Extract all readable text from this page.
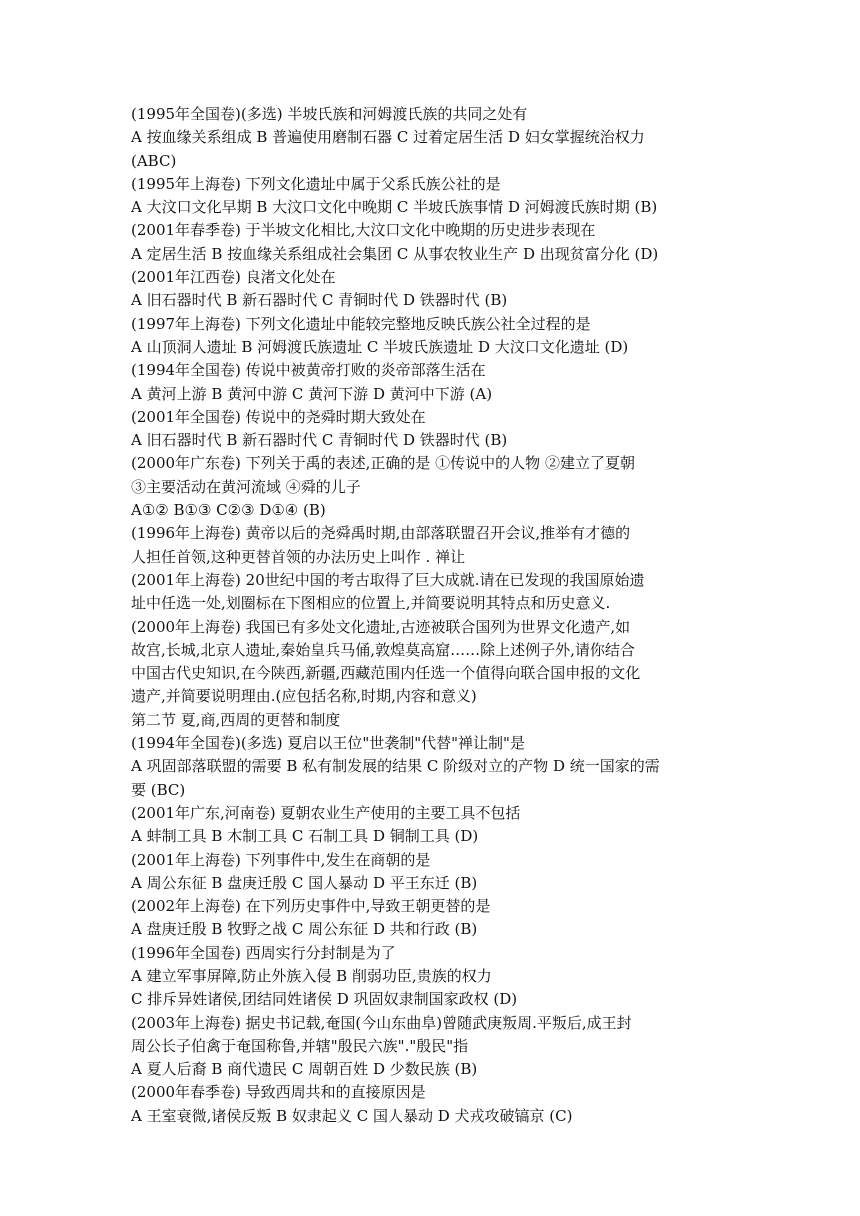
(1995年全国卷)(多选) 半坡氏族和河姆渡氏族的共同之处有
A 按血缘关系组成 B 普遍使用磨制石器 C 过着定居生活 D 妇女掌握统治权力
(ABC)
(1995年上海卷) 下列文化遗址中属于父系氏族公社的是
A 大汶口文化早期 B 大汶口文化中晚期 C 半坡氏族事情 D 河姆渡氏族时期 (B)
(2001年春季卷) 于半坡文化相比,大汶口文化中晚期的历史进步表现在
A 定居生活 B 按血缘关系组成社会集团 C 从事农牧业生产 D 出现贫富分化 (D)
(2001年江西卷) 良渚文化处在
A 旧石器时代 B 新石器时代 C 青铜时代 D 铁器时代 (B)
(1997年上海卷) 下列文化遗址中能较完整地反映氏族公社全过程的是
A 山顶洞人遗址 B 河姆渡氏族遗址 C 半坡氏族遗址 D 大汶口文化遗址 (D)
(1994年全国卷) 传说中被黄帝打败的炎帝部落生活在
A 黄河上游 B 黄河中游 C 黄河下游 D 黄河中下游 (A)
(2001年全国卷) 传说中的尧舜时期大致处在
A 旧石器时代 B 新石器时代 C 青铜时代 D 铁器时代 (B)
(2000年广东卷) 下列关于禹的表述,正确的是 ①传说中的人物 ②建立了夏朝
③主要活动在黄河流域 ④舜的儿子
A①② B①③ C②③ D①④ (B)
(1996年上海卷) 黄帝以后的尧舜禹时期,由部落联盟召开会议,推举有才德的
人担任首领,这种更替首领的办法历史上叫作 . 禅让
(2001年上海卷) 20世纪中国的考古取得了巨大成就.请在已发现的我国原始遗
址中任选一处,划圈标在下图相应的位置上,并简要说明其特点和历史意义.
(2000年上海卷) 我国已有多处文化遗址,古迹被联合国列为世界文化遗产,如
故宫,长城,北京人遗址,秦始皇兵马俑,敦煌莫高窟……除上述例子外,请你结合
中国古代史知识,在今陕西,新疆,西藏范围内任选一个值得向联合国申报的文化
遗产,并简要说明理由.(应包括名称,时期,内容和意义)
第二节 夏,商,西周的更替和制度
(1994年全国卷)(多选) 夏启以王位"世袭制"代替"禅让制"是
A 巩固部落联盟的需要 B 私有制发展的结果 C 阶级对立的产物 D 统一国家的需
要 (BC)
(2001年广东,河南卷) 夏朝农业生产使用的主要工具不包括
A 蚌制工具 B 木制工具 C 石制工具 D 铜制工具 (D)
(2001年上海卷) 下列事件中,发生在商朝的是
A 周公东征 B 盘庚迁殷 C 国人暴动 D 平王东迁 (B)
(2002年上海卷) 在下列历史事件中,导致王朝更替的是
A 盘庚迁殷 B 牧野之战 C 周公东征 D 共和行政 (B)
(1996年全国卷) 西周实行分封制是为了
A 建立军事屏障,防止外族入侵 B 削弱功臣,贵族的权力
C 排斥异姓诸侯,团结同姓诸侯 D 巩固奴隶制国家政权 (D)
(2003年上海卷) 据史书记载,奄国(今山东曲阜)曾随武庚叛周.平叛后,成王封
周公长子伯禽于奄国称鲁,并辖"殷民六族"."殷民"指
A 夏人后裔 B 商代遗民 C 周朝百姓 D 少数民族 (B)
(2000年春季卷) 导致西周共和的直接原因是
A 王室衰微,诸侯反叛 B 奴隶起义 C 国人暴动 D 犬戎攻破镐京 (C)
